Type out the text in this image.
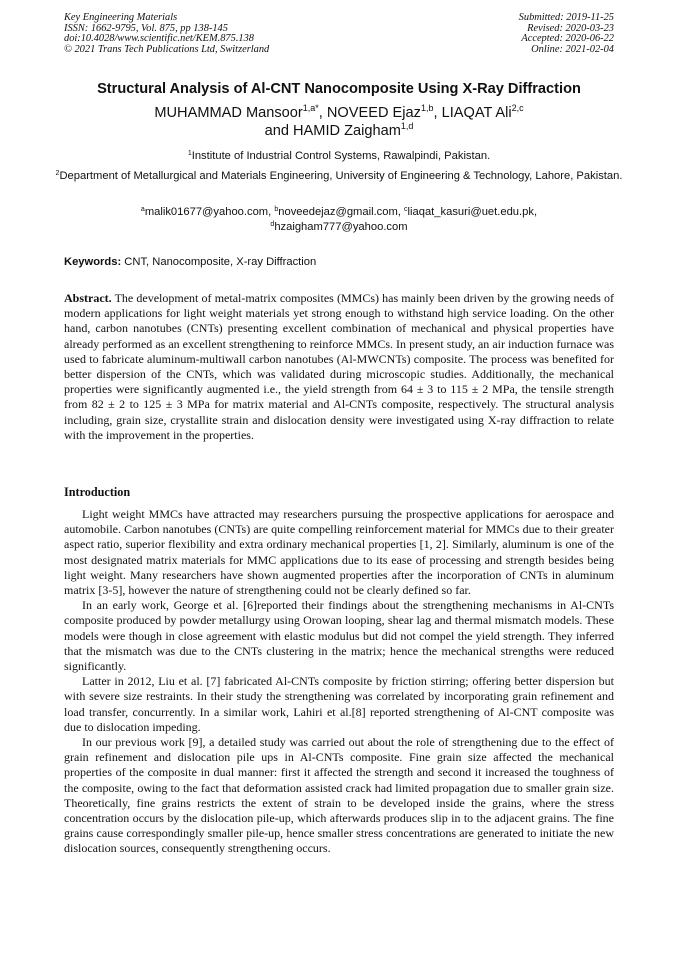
Key Engineering Materials
ISSN: 1662-9795, Vol. 875, pp 138-145
doi:10.4028/www.scientific.net/KEM.875.138
© 2021 Trans Tech Publications Ltd, Switzerland
Submitted: 2019-11-25
Revised: 2020-03-23
Accepted: 2020-06-22
Online: 2021-02-04
Structural Analysis of Al-CNT Nanocomposite Using X-Ray Diffraction
MUHAMMAD Mansoor$^{1,a*}$, NOVEED Ejaz$^{1,b}$, LIAQAT Ali$^{2,c}$
and HAMID Zaigham$^{1,d}$
$^1$Institute of Industrial Control Systems, Rawalpindi, Pakistan.
$^2$Department of Metallurgical and Materials Engineering, University of Engineering & Technology, Lahore, Pakistan.
$^a$malik01677@yahoo.com, $^b$noveedejaz@gmail.com, $^c$liaqat_kasuri@uet.edu.pk,
$^d$hzaigham777@yahoo.com
Keywords: CNT, Nanocomposite, X-ray Diffraction

Abstract. The development of metal-matrix composites (MMCs) has mainly been driven by the growing needs of modern applications for light weight materials yet strong enough to withstand high service loading. On the other hand, carbon nanotubes (CNTs) presenting excellent combination of mechanical and physical properties have already performed as an excellent strengthening to reinforce MMCs. In present study, an air induction furnace was used to fabricate aluminum-multiwall carbon nanotubes (Al-MWCNTs) composite. The process was benefited for better dispersion of the CNTs, which was validated during microscopic studies. Additionally, the mechanical properties were significantly augmented i.e., the yield strength from 64 ± 3 to 115 ± 2 MPa, the tensile strength from 82 ± 2 to 125 ± 3 MPa for matrix material and Al-CNTs composite, respectively. The structural analysis including, grain size, crystallite strain and dislocation density were investigated using X-ray diffraction to relate with the improvement in the properties.

Introduction

Light weight MMCs have attracted may researchers pursuing the prospective applications for aerospace and automobile. Carbon nanotubes (CNTs) are quite compelling reinforcement material for MMCs due to their greater aspect ratio, superior flexibility and extra ordinary mechanical properties [1, 2]. Similarly, aluminum is one of the most designated matrix materials for MMC applications due to its ease of processing and strength besides being light weight. Many researchers have shown augmented properties after the incorporation of CNTs in aluminum matrix [3-5], however the nature of strengthening could not be clearly defined so far.

In an early work, George et al. [6]reported their findings about the strengthening mechanisms in Al-CNTs composite produced by powder metallurgy using Orowan looping, shear lag and thermal mismatch models. These models were though in close agreement with elastic modulus but did not compel the yield strength. They inferred that the mismatch was due to the CNTs clustering in the matrix; hence the mechanical strengths were reduced significantly.

Latter in 2012, Liu et al. [7] fabricated Al-CNTs composite by friction stirring; offering better dispersion but with severe size restraints. In their study the strengthening was correlated by incorporating grain refinement and load transfer, concurrently. In a similar work, Lahiri et al.[8] reported strengthening of Al-CNT composite was due to dislocation impeding.

In our previous work [9], a detailed study was carried out about the role of strengthening due to the effect of grain refinement and dislocation pile ups in Al-CNTs composite. Fine grain size affected the mechanical properties of the composite in dual manner: first it affected the strength and second it increased the toughness of the composite, owing to the fact that deformation assisted crack had limited propagation due to smaller grain size. Theoretically, fine grains restricts the extent of strain to be developed inside the grains, where the stress concentration occurs by the dislocation pile-up, which afterwards produces slip in to the adjacent grains. The fine grains cause correspondingly smaller pile-up, hence smaller stress concentrations are generated to initiate the new dislocation sources, consequently strengthening occurs.
